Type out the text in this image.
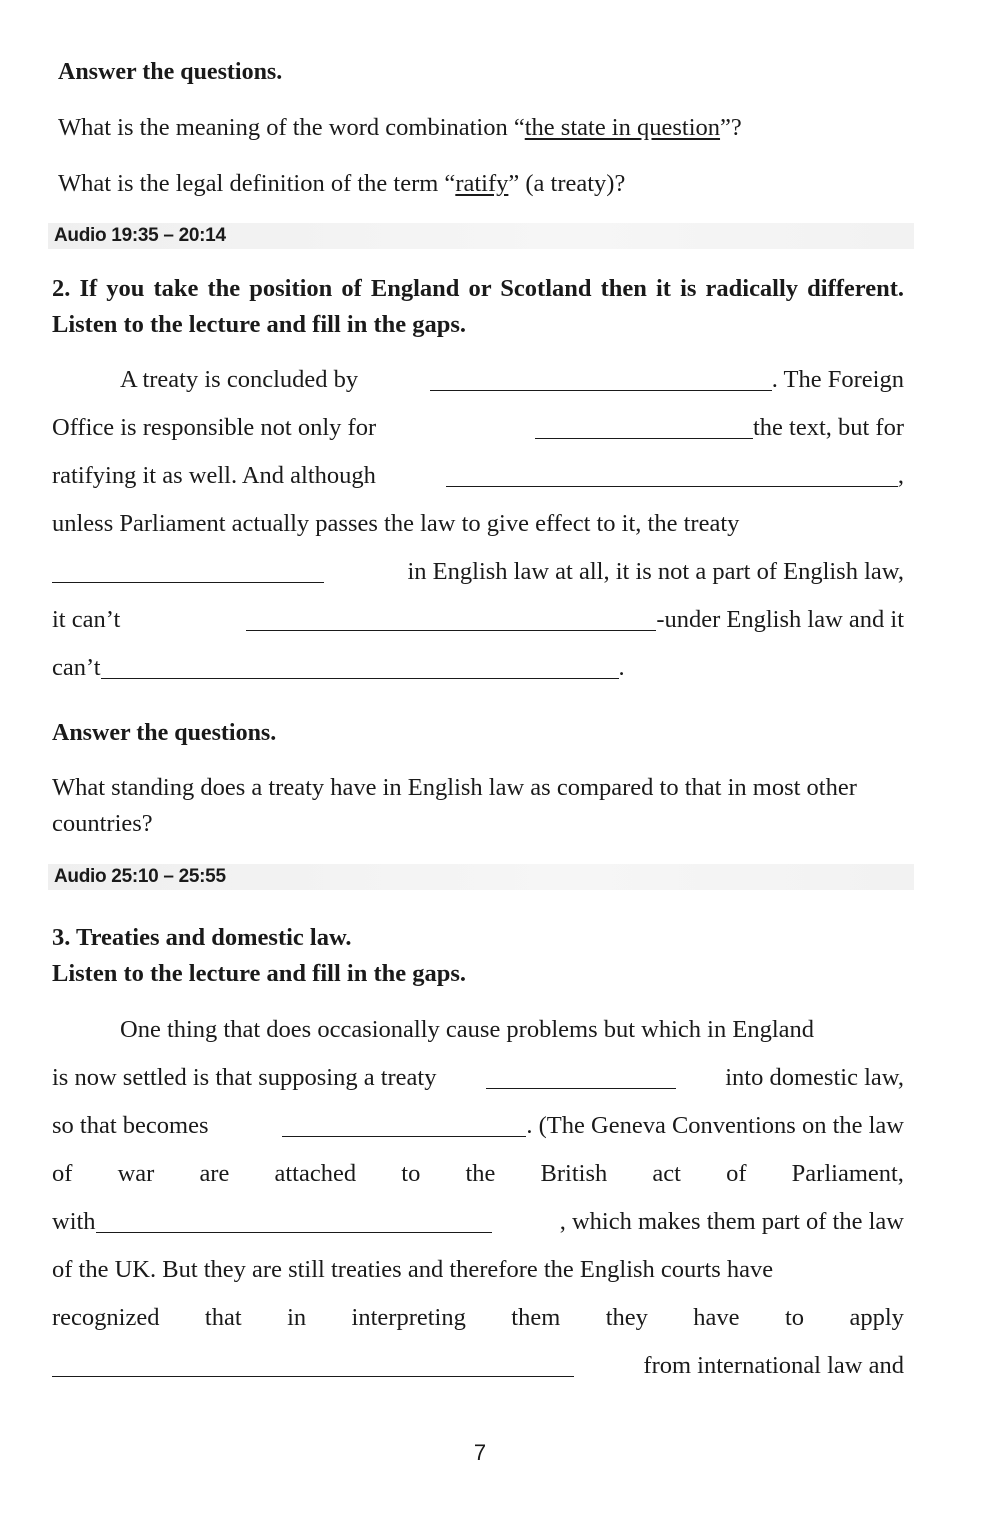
Answer the questions.

What is the meaning of the word combination “the state in question”?

What is the legal definition of the term “ratify” (a treaty)?

Audio 19:35 – 20:14

2. If you take the position of England or Scotland then it is radically different. Listen to the lecture and fill in the gaps.

A treaty is concluded by	. The Foreign
Office is responsible not only for	the text, but for
ratifying it as well. And although	,
unless Parliament actually passes the law to give effect to it, the treaty
in English law at all, it is not a part of English law,
it can’t	-under English law and it
can’t	.

Answer the questions.

What standing does a treaty have in English law as compared to that in most other countries?

Audio 25:10 – 25:55

3. Treaties and domestic law.

Listen to the lecture and fill in the gaps.

One thing that does occasionally cause problems but which in England
is now settled is that supposing a treaty	into domestic law,
so that becomes	. (The Geneva Conventions on the law
of war are attached to the British act of Parliament,
with	, which makes them part of the law
of the UK. But they are still treaties and therefore the English courts have
recognized that in interpreting them they have to apply
from international law and
7
